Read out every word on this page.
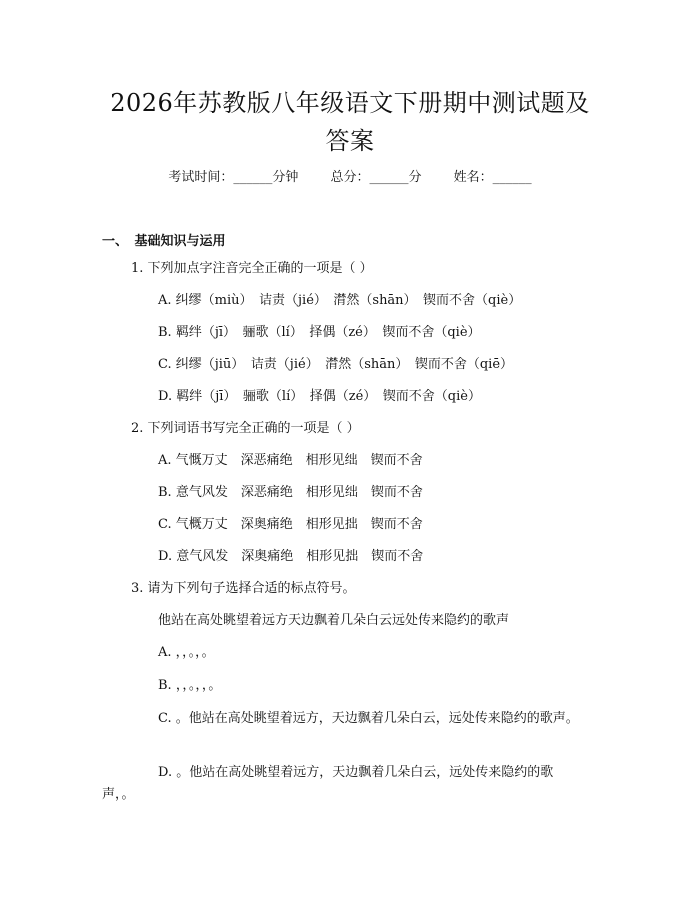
2026年苏教版八年级语文下册期中测试题及
答案
考试时间：______分钟 总分：______分 姓名：______
一、　基础知识与运用
1. 下列加点字注音完全正确的一项是（ ）
A. 纠缪（miù）　诘责（jié）　潸然（shān）　锲而不舍（qiè）
B. 羁绊（jī）　骊歌（lí）　择偶（zé）　锲而不舍（qiè）
C. 纠缪（jiū）　诘责（jié）　潸然（shān）　锲而不舍（qiē）
D. 羁绊（jī）　骊歌（lí）　择偶（zé）　锲而不舍（qiè）
2. 下列词语书写完全正确的一项是（ ）
A. 气慨万丈　深恶痛绝　相形见绌　锲而不舍
B. 意气风发　深恶痛绝　相形见绌　锲而不舍
C. 气概万丈　深奥痛绝　相形见拙　锲而不舍
D. 意气风发　深奥痛绝　相形见拙　锲而不舍
3. 请为下列句子选择合适的标点符号。
他站在高处眺望着远方天边飘着几朵白云远处传来隐约的歌声
A. ，，。，。
B. ，，。，，。
C. 。他站在高处眺望着远方，天边飘着几朵白云，远处传来隐约的歌声。
D. 。他站在高处眺望着远方，天边飘着几朵白云，远处传来隐约的歌声，。
